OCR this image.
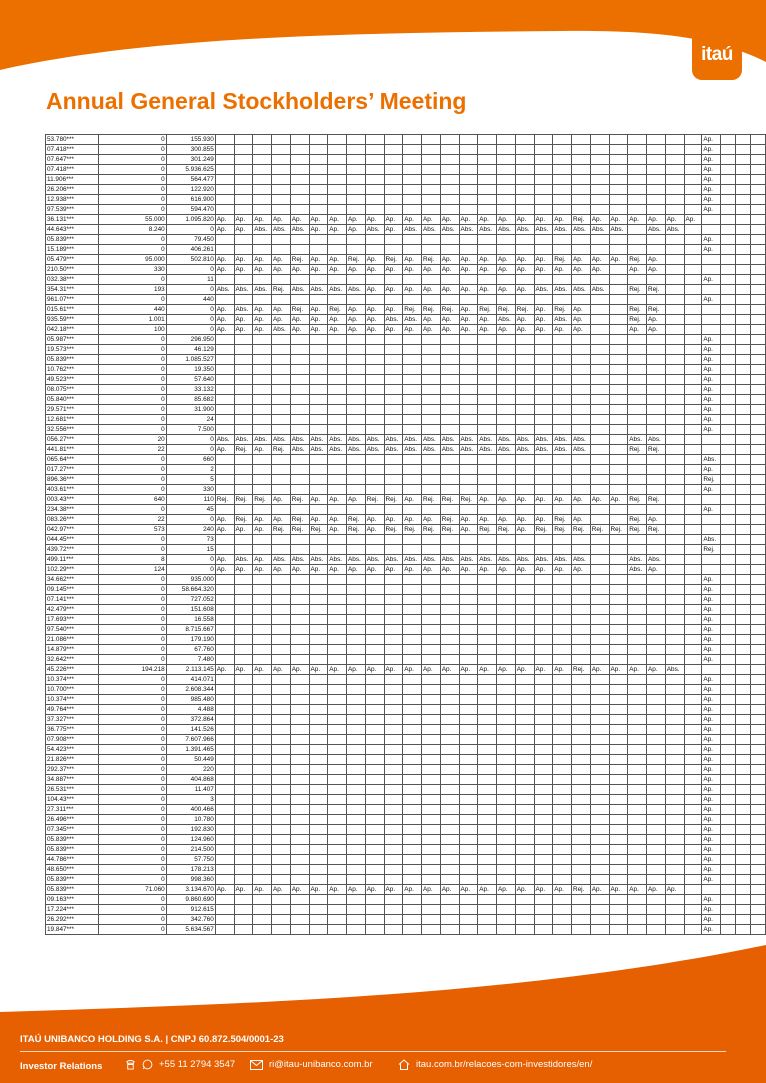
itaú
Annual General Stockholders’ Meeting
53.780***	0	155.930																											Ap.			
07.418***	0	300.855																											Ap.			
07.647***	0	301.249																											Ap.			
07.418***	0	5.936.625																											Ap.			
11.906***	0	564.477																											Ap.			
26.206***	0	122.920																											Ap.			
12.938***	0	616.900																											Ap.			
97.539***	0	594.470																											Ap.			
36.131***	55.000	1.095.820	Ap.	Ap.	Ap.	Ap.	Ap.	Ap.	Ap.	Ap.	Ap.	Ap.	Ap.	Ap.	Ap.	Ap.	Ap.	Ap.	Ap.	Ap.	Ap.	Rej.	Ap.	Ap.	Ap.	Ap.	Ap.	Ap.				
44.643***	8.240	0	Ap.	Ap.	Abs.	Abs.	Abs.	Ap.	Ap.	Ap.	Abs.	Ap.	Abs.	Abs.	Abs.	Abs.	Abs.	Abs.	Abs.	Abs.	Abs.	Abs.	Abs.	Abs.		Abs.	Abs.					
05.839***	0	79.450																											Ap.			
15.189***	0	406.261																											Ap.			
05.479***	95.000	502.810	Ap.	Ap.	Ap.	Ap.	Rej.	Ap.	Ap.	Rej.	Ap.	Rej.	Ap.	Rej.	Ap.	Ap.	Ap.	Ap.	Ap.	Ap.	Rej.	Ap.	Ap.	Ap.	Rej.	Ap.						
210.50***	330	0	Ap.	Ap.	Ap.	Ap.	Ap.	Ap.	Ap.	Ap.	Ap.	Ap.	Ap.	Ap.	Ap.	Ap.	Ap.	Ap.	Ap.	Ap.	Ap.	Ap.	Ap.		Ap.	Ap.						
032.38***	0	11																											Ap.			
354.31***	193	0	Abs.	Abs.	Abs.	Rej.	Abs.	Abs.	Abs.	Abs.	Ap.	Ap.	Ap.	Ap.	Ap.	Ap.	Ap.	Ap.	Ap.	Abs.	Abs.	Abs.	Abs.		Rej.	Rej.						
961.07***	0	440																											Ap.			
015.61***	440	0	Ap.	Abs.	Ap.	Ap.	Rej.	Ap.	Rej.	Ap.	Ap.	Ap.	Rej.	Rej.	Rej.	Ap.	Rej.	Rej.	Rej.	Ap.	Rej.	Ap.			Rej.	Rej.						
935.59***	1.001	0	Ap.	Ap.	Ap.	Ap.	Ap.	Ap.	Ap.	Ap.	Ap.	Abs.	Abs.	Ap.	Ap.	Ap.	Ap.	Abs.	Ap.	Ap.	Abs.	Ap.			Rej.	Ap.						
042.18***	100	0	Ap.	Ap.	Ap.	Abs.	Ap.	Ap.	Ap.	Ap.	Ap.	Ap.	Ap.	Ap.	Ap.	Ap.	Ap.	Ap.	Ap.	Ap.	Ap.	Ap.			Ap.	Ap.						
05.987***	0	296.950																											Ap.			
19.573***	0	46.129																											Ap.			
05.839***	0	1.085.527																											Ap.			
10.762***	0	19.350																											Ap.			
49.523***	0	57.640																											Ap.			
08.075***	0	33.132																											Ap.			
05.840***	0	85.682																											Ap.			
29.571***	0	31.900																											Ap.			
12.681***	0	24																											Ap.			
32.556***	0	7.500																											Ap.			
056.27***	20	0	Abs.	Abs.	Abs.	Abs.	Abs.	Abs.	Abs.	Abs.	Abs.	Abs.	Abs.	Abs.	Abs.	Abs.	Abs.	Abs.	Abs.	Abs.	Abs.	Abs.			Abs.	Abs.						
441.81***	22	0	Ap.	Rej.	Ap.	Rej.	Abs.	Abs.	Abs.	Abs.	Abs.	Abs.	Abs.	Abs.	Abs.	Abs.	Abs.	Abs.	Abs.	Abs.	Abs.	Abs.			Rej.	Rej.						
065.64***	0	660																											Abs.			
017.27***	0	2																											Ap.			
896.36***	0	5																											Rej.			
403.61***	0	330																											Ap.			
003.43***	640	110	Rej.	Rej.	Rej.	Ap.	Rej.	Ap.	Ap.	Ap.	Rej.	Rej.	Ap.	Rej.	Rej.	Rej.	Ap.	Ap.	Ap.	Ap.	Ap.	Ap.	Ap.	Ap.	Rej.	Rej.						
234.38***	0	45																											Ap.			
083.26***	22	0	Ap.	Rej.	Ap.	Ap.	Rej.	Ap.	Ap.	Rej.	Ap.	Ap.	Ap.	Ap.	Rej.	Ap.	Ap.	Ap.	Ap.	Ap.	Rej.	Ap.			Rej.	Ap.						
042.97***	573	240	Ap.	Ap.	Ap.	Rej.	Rej.	Rej.	Ap.	Rej.	Ap.	Rej.	Rej.	Rej.	Rej.	Ap.	Rej.	Rej.	Ap.	Rej.	Rej.	Rej.	Rej.	Rej.	Rej.	Rej.						
044.45***	0	73																											Abs.			
439.72***	0	15																											Rej.			
499.11***	8	0	Ap.	Abs.	Ap.	Abs.	Abs.	Abs.	Abs.	Abs.	Abs.	Abs.	Abs.	Abs.	Abs.	Abs.	Abs.	Abs.	Abs.	Abs.	Abs.	Abs.			Abs.	Abs.						
102.29***	124	0	Ap.	Ap.	Ap.	Ap.	Ap.	Ap.	Ap.	Ap.	Ap.	Ap.	Ap.	Ap.	Ap.	Ap.	Ap.	Ap.	Ap.	Ap.	Ap.	Ap.			Abs.	Ap.						
34.662***	0	935.000																											Ap.			
09.145***	0	58.664.320																											Ap.			
07.141***	0	727.052																											Ap.			
42.479***	0	151.608																											Ap.			
17.693***	0	16.558																											Ap.			
97.540***	0	8.715.667																											Ap.			
21.086***	0	179.190																											Ap.			
14.879***	0	67.760																											Ap.			
32.642***	0	7.480																											Ap.			
45.226***	194.218	2.113.145	Ap.	Ap.	Ap.	Ap.	Ap.	Ap.	Ap.	Ap.	Ap.	Ap.	Ap.	Ap.	Ap.	Ap.	Ap.	Ap.	Ap.	Ap.	Ap.	Rej.	Ap.	Ap.	Ap.	Ap.	Abs.					
10.374***	0	414.071																											Ap.			
10.700***	0	2.608.344																											Ap.			
10.374***	0	985.480																											Ap.			
49.764***	0	4.488																											Ap.			
37.327***	0	372.864																											Ap.			
36.775***	0	141.526																											Ap.			
07.908***	0	7.607.966																											Ap.			
54.423***	0	1.391.465																											Ap.			
21.826***	0	50.449																											Ap.			
292.37***	0	220																											Ap.			
34.887***	0	404.868																											Ap.			
26.531***	0	11.407																											Ap.			
104.43***	0	3																											Ap.			
27.311***	0	400.466																											Ap.			
26.496***	0	10.780																											Ap.			
07.345***	0	192.830																											Ap.			
05.839***	0	124.960																											Ap.			
05.839***	0	214.500																											Ap.			
44.786***	0	57.750																											Ap.			
48.650***	0	178.213																											Ap.			
05.839***	0	998.360																											Ap.			
05.839***	71.060	3.134.670	Ap.	Ap.	Ap.	Ap.	Ap.	Ap.	Ap.	Ap.	Ap.	Ap.	Ap.	Ap.	Ap.	Ap.	Ap.	Ap.	Ap.	Ap.	Ap.	Rej.	Ap.	Ap.	Ap.	Ap.	Ap.					
09.163***	0	9.860.690																											Ap.			
17.224***	0	912.615																											Ap.			
26.292***	0	342.760																											Ap.			
19.847***	0	5.634.567																											Ap.			
ITAÚ UNIBANCO HOLDING S.A. | CNPJ 60.872.504/0001-23
Investor Relations	+55 11 2794 3547	ri@itau-unibanco.com.br	itau.com.br/relacoes-com-investidores/en/
